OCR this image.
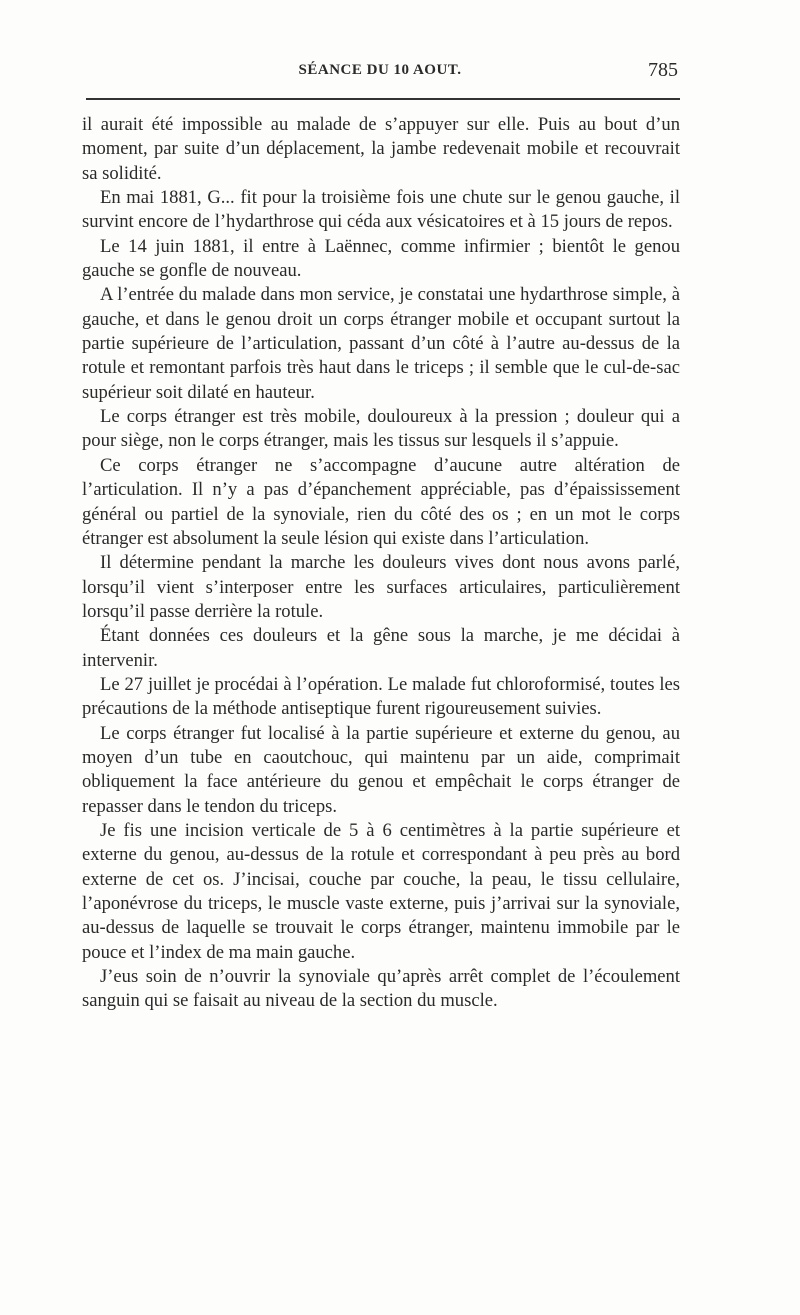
SÉANCE DU 10 AOUT.	785

il aurait été impossible au malade de s’appuyer sur elle. Puis au bout d’un moment, par suite d’un déplacement, la jambe redevenait mobile et recouvrait sa solidité.

En mai 1881, G... fit pour la troisième fois une chute sur le genou gauche, il survint encore de l’hydarthrose qui céda aux vésicatoires et à 15 jours de repos.

Le 14 juin 1881, il entre à Laënnec, comme infirmier ; bientôt le genou gauche se gonfle de nouveau.

A l’entrée du malade dans mon service, je constatai une hydarthrose simple, à gauche, et dans le genou droit un corps étranger mobile et occupant surtout la partie supérieure de l’articulation, passant d’un côté à l’autre au-dessus de la rotule et remontant parfois très haut dans le triceps ; il semble que le cul-de-sac supérieur soit dilaté en hauteur.

Le corps étranger est très mobile, douloureux à la pression ; douleur qui a pour siège, non le corps étranger, mais les tissus sur lesquels il s’appuie.

Ce corps étranger ne s’accompagne d’aucune autre altération de l’articulation. Il n’y a pas d’épanchement appréciable, pas d’épaississement général ou partiel de la synoviale, rien du côté des os ; en un mot le corps étranger est absolument la seule lésion qui existe dans l’articulation.

Il détermine pendant la marche les douleurs vives dont nous avons parlé, lorsqu’il vient s’interposer entre les surfaces articulaires, particulièrement lorsqu’il passe derrière la rotule.

Étant données ces douleurs et la gêne sous la marche, je me décidai à intervenir.

Le 27 juillet je procédai à l’opération. Le malade fut chloroformisé, toutes les précautions de la méthode antiseptique furent rigoureusement suivies.

Le corps étranger fut localisé à la partie supérieure et externe du genou, au moyen d’un tube en caoutchouc, qui maintenu par un aide, comprimait obliquement la face antérieure du genou et empêchait le corps étranger de repasser dans le tendon du triceps.

Je fis une incision verticale de 5 à 6 centimètres à la partie supérieure et externe du genou, au-dessus de la rotule et correspondant à peu près au bord externe de cet os. J’incisai, couche par couche, la peau, le tissu cellulaire, l’aponévrose du triceps, le muscle vaste externe, puis j’arrivai sur la synoviale, au-dessus de laquelle se trouvait le corps étranger, maintenu immobile par le pouce et l’index de ma main gauche.

J’eus soin de n’ouvrir la synoviale qu’après arrêt complet de l’écoulement sanguin qui se faisait au niveau de la section du muscle.
